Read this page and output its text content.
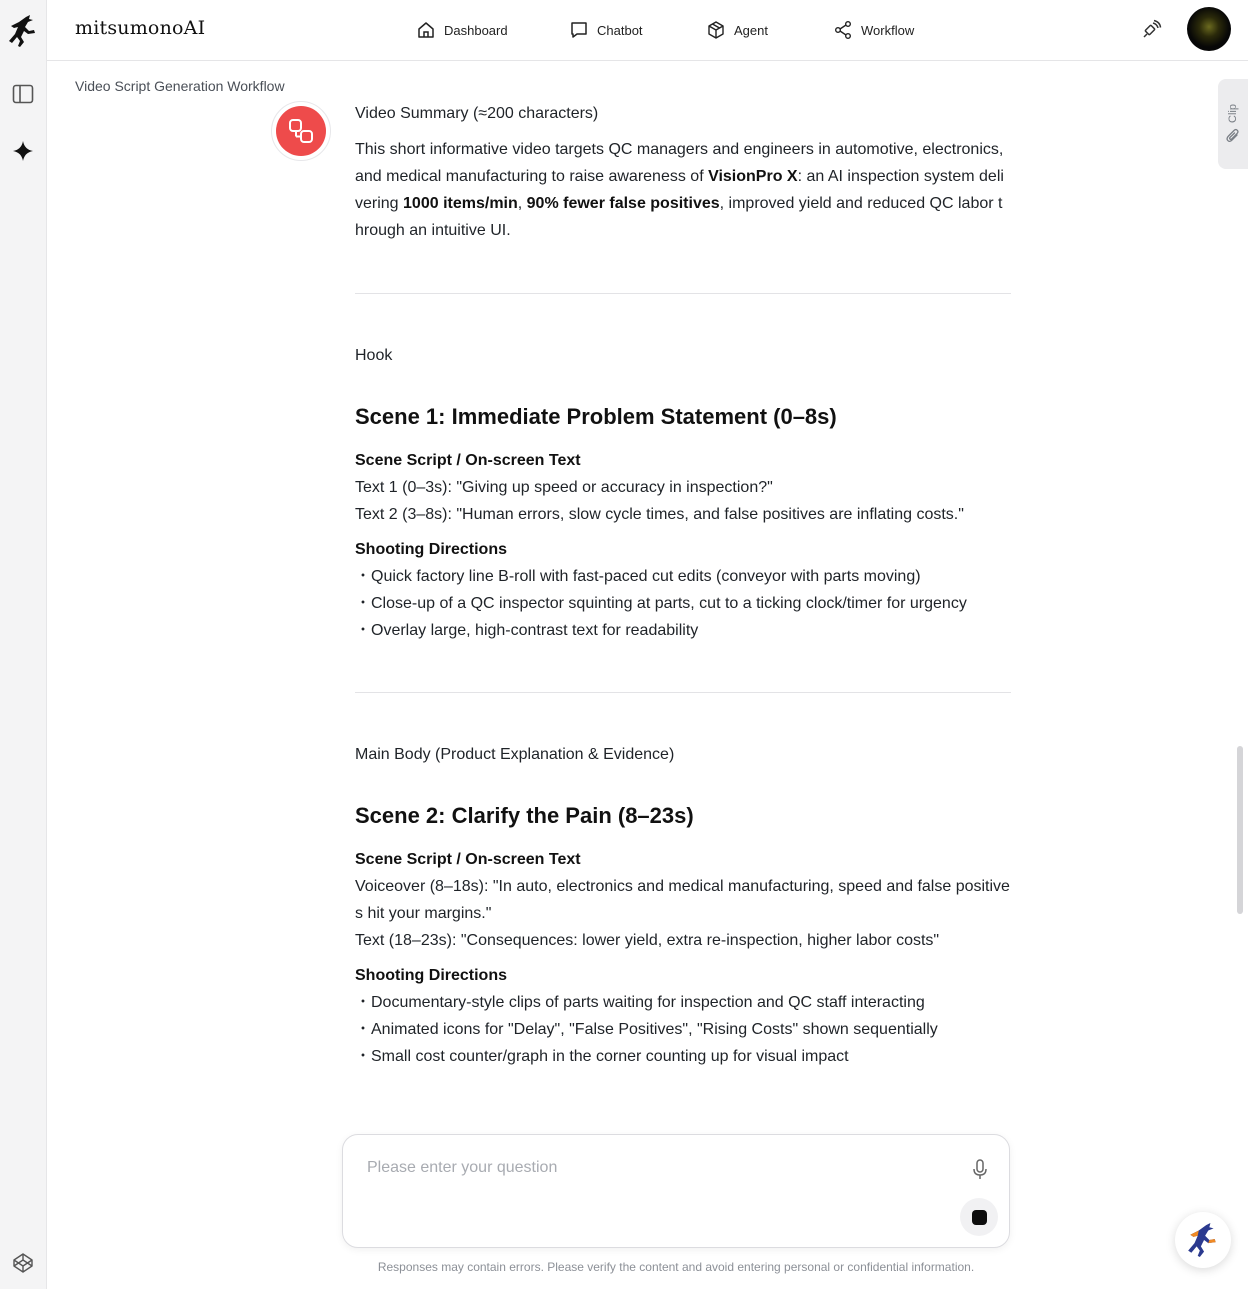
mitsumonoAI	Dashboard	Chatbot	Agent	Workflow
Video Script Generation Workflow
Clip
Video Summary (≈200 characters)
This short informative video targets QC managers and engineers in automotive, electronics, and medical manufacturing to raise awareness of VisionPro X: an AI inspection system delivering 1000 items/min, 90% fewer false positives, improved yield and reduced QC labor through an intuitive UI.
Hook
Scene 1: Immediate Problem Statement (0–8s)
Scene Script / On-screen Text
Text 1 (0–3s): "Giving up speed or accuracy in inspection?"
Text 2 (3–8s): "Human errors, slow cycle times, and false positives are inflating costs."
Shooting Directions
・Quick factory line B-roll with fast-paced cut edits (conveyor with parts moving)
・Close-up of a QC inspector squinting at parts, cut to a ticking clock/timer for urgency
・Overlay large, high-contrast text for readability
Main Body (Product Explanation & Evidence)
Scene 2: Clarify the Pain (8–23s)
Scene Script / On-screen Text
Voiceover (8–18s): "In auto, electronics and medical manufacturing, speed and false positives hit your margins."
Text (18–23s): "Consequences: lower yield, extra re-inspection, higher labor costs"
Shooting Directions
・Documentary-style clips of parts waiting for inspection and QC staff interacting
・Animated icons for "Delay", "False Positives", "Rising Costs" shown sequentially
・Small cost counter/graph in the corner counting up for visual impact
Please enter your question
Responses may contain errors. Please verify the content and avoid entering personal or confidential information.
